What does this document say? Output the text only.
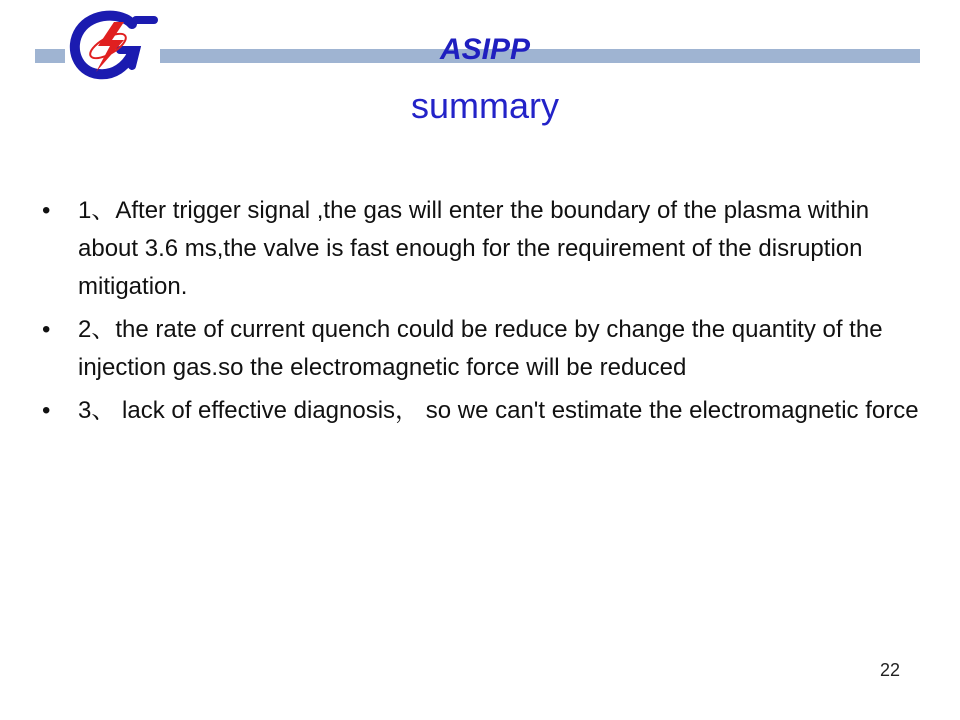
ASIPP
summary
• 1、After trigger signal ,the gas will enter the boundary of the plasma within about 3.6 ms,the valve is fast enough for the requirement of the disruption mitigation.
• 2、the rate of current quench could be reduce by change the quantity of the injection gas.so the electromagnetic force will be reduced
• 3、 lack of effective diagnosis， so we can't estimate the electromagnetic force
22
